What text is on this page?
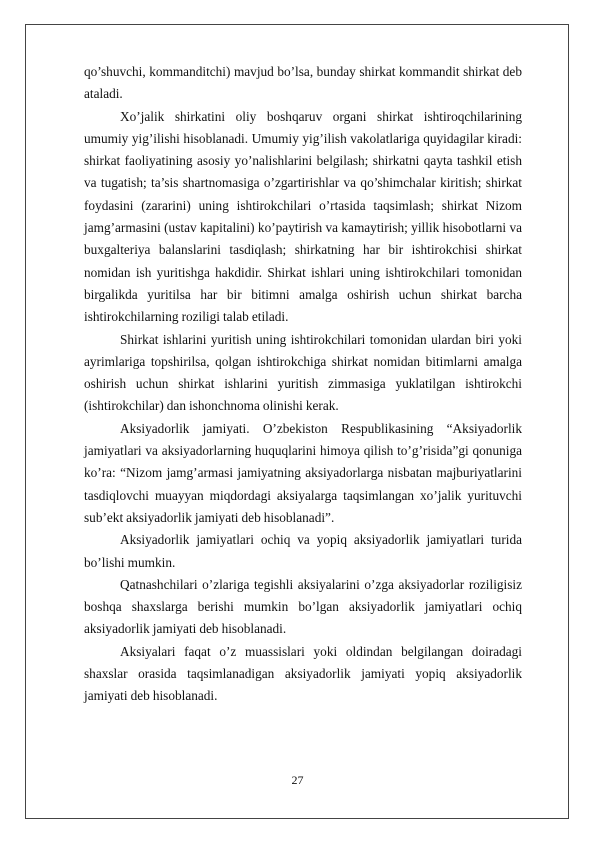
qo’shuvchi, kommanditchi) mavjud bo’lsa, bunday shirkat kommandit shirkat deb ataladi.

Xo’jalik shirkatini oliy boshqaruv organi shirkat ishtiroqchilarining umumiy yig’ilishi hisoblanadi. Umumiy yig’ilish vakolatlariga quyidagilar kiradi: shirkat faoliyatining asosiy yo’nalishlarini belgilash; shirkatni qayta tashkil etish va tugatish; ta’sis shartnomasiga o’zgartirishlar va qo’shimchalar kiritish; shirkat foydasini (zararini) uning ishtirokchilari o’rtasida taqsimlash; shirkat Nizom jamg’armasini (ustav kapitalini) ko’paytirish va kamaytirish; yillik hisobotlarni va buxgalteriya balanslarini tasdiqlash; shirkatning har bir ishtirokchisi shirkat nomidan ish yuritishga hakdidir. Shirkat ishlari uning ishtirokchilari tomonidan birgalikda yuritilsa har bir bitimni amalga oshirish uchun shirkat barcha ishtirokchilarning roziligi talab etiladi.

Shirkat ishlarini yuritish uning ishtirokchilari tomonidan ulardan biri yoki ayrimlariga topshirilsa, qolgan ishtirokchiga shirkat nomidan bitimlarni amalga oshirish uchun shirkat ishlarini yuritish zimmasiga yuklatilgan ishtirokchi (ishtirokchilar) dan ishonchnoma olinishi kerak.

Aksiyadorlik jamiyati. O’zbekiston Respublikasining “Aksiyadorlik jamiyatlari va aksiyadorlarning huquqlarini himoya qilish to’g’risida”gi qonuniga ko’ra: “Nizom jamg’armasi jamiyatning aksiyadorlarga nisbatan majburiyatlarini tasdiqlovchi muayyan miqdordagi aksiyalarga taqsimlangan xo’jalik yurituvchi sub’ekt aksiyadorlik jamiyati deb hisoblanadi”.

Aksiyadorlik jamiyatlari ochiq va yopiq aksiyadorlik jamiyatlari turida bo’lishi mumkin.

Qatnashchilari o’zlariga tegishli aksiyalarini o’zga aksiyadorlar roziligisiz boshqa shaxslarga berishi mumkin bo’lgan aksiyadorlik jamiyatlari ochiq aksiyadorlik jamiyati deb hisoblanadi.

Aksiyalari faqat o’z muassislari yoki oldindan belgilangan doiradagi shaxslar orasida taqsimlanadigan aksiyadorlik jamiyati yopiq aksiyadorlik jamiyati deb hisoblanadi.

27
